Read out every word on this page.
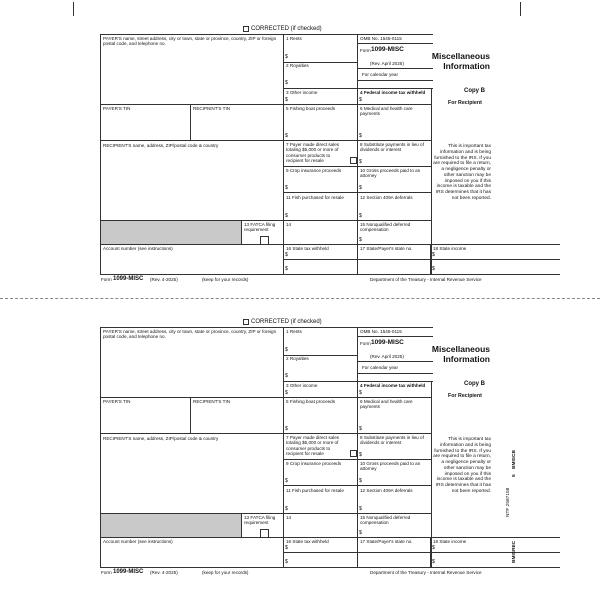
CORRECTED (if checked)
PAYER'S name, street address, city or town, state or province, country, ZIP or foreign postal code, and telephone no.
PAYER'S TIN	RECIPIENT'S TIN
RECIPIENT'S name, address, ZIP/postal code & country
13 FATCA filing requirement
Account number (see instructions)
1 Rents
$
2 Royalties
$
3 Other income
$
5 Fishing boat proceeds
$
7 Payer made direct sales totaling $5,000 or more of consumer products to recipient for resale
9 Crop insurance proceeds
$
11 Fish purchased for resale
$
14
16 State tax withheld
$
$
OMB No. 1545-0115
Form 1099-MISC
(Rev. April 2025)
For calendar year
4 Federal income tax withheld
$
6 Medical and health care payments
$
8 Substitute payments in lieu of dividends or interest
$
10 Gross proceeds paid to an attorney
$
12 Section 409A deferrals
$
15 Nonqualified deferred compensation
$
17 State/Payer's state no.	18 State income
$
$
Miscellaneous
Information
Copy B
For Recipient
This is important tax information and is being furnished to the IRS. If you are required to file a return, a negligence penalty or other sanction may be imposed on you if this income is taxable and the IRS determines that it has not been reported.
Form 1099-MISC (Rev. 4-2025)	(keep for your records)	Department of the Treasury - Internal Revenue Service
CORRECTED (if checked)
PAYER'S name, street address, city or town, state or province, country, ZIP or foreign postal code, and telephone no.
PAYER'S TIN	RECIPIENT'S TIN
RECIPIENT'S name, address, ZIP/postal code & country
13 FATCA filing requirement
Account number (see instructions)
1 Rents
$
2 Royalties
$
3 Other income
$
5 Fishing boat proceeds
$
7 Payer made direct sales totaling $5,000 or more of consumer products to recipient for resale
9 Crop insurance proceeds
$
11 Fish purchased for resale
$
14
16 State tax withheld
$
$
OMB No. 1545-0115
Form 1099-MISC
(Rev. April 2025)
For calendar year
4 Federal income tax withheld
$
6 Medical and health care payments
$
8 Substitute payments in lieu of dividends or interest
$
10 Gross proceeds paid to an attorney
$
12 Section 409A deferrals
$
15 Nonqualified deferred compensation
$
17 State/Payer's state no.	18 State income
$
$
Miscellaneous
Information
Copy B
For Recipient
This is important tax information and is being furnished to the IRS. If you are required to file a return, a negligence penalty or other sanction may be imposed on you if this income is taxable and the IRS determines that it has not been reported.
Form 1099-MISC (Rev. 4-2025)	(keep for your records)	Department of the Treasury - Internal Revenue Service
BMISCB
5
NTF 2587158
BMISREC
